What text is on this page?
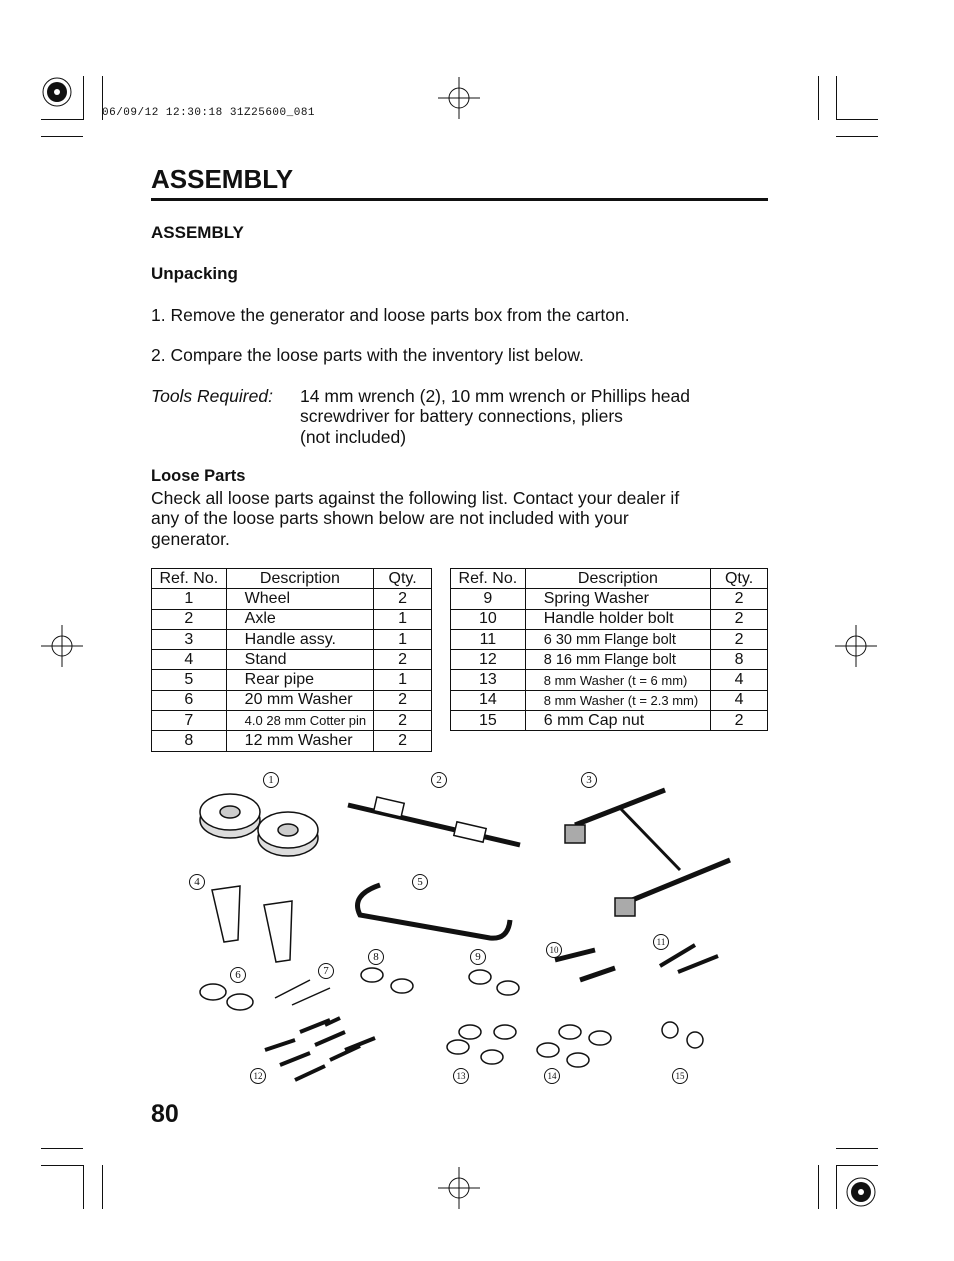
06/09/12 12:30:18 31Z25600_081
ASSEMBLY
ASSEMBLY
Unpacking
1. Remove the generator and loose parts box from the carton.
2. Compare the loose parts with the inventory list below.
Tools Required: 14 mm wrench (2), 10 mm wrench or Phillips head
screwdriver for battery connections, pliers
(not included)
Loose Parts
Check all loose parts against the following list. Contact your dealer if
any of the loose parts shown below are not included with your
generator.
Ref. No.	Description	Qty.
1	Wheel	2
2	Axle	1
3	Handle assy.	1
4	Stand	2
5	Rear pipe	1
6	20 mm Washer	2
7	4.0 28 mm Cotter pin	2
8	12 mm Washer	2
Ref. No.	Description	Qty.
9	Spring Washer	2
10	Handle holder bolt	2
11	6 30 mm Flange bolt	2
12	8 16 mm Flange bolt	8
13	8 mm Washer (t = 6 mm)	4
14	8 mm Washer (t = 2.3 mm)	4
15	6 mm Cap nut	2
1	2	3
4	5
6	7
8	9
10
11
12	13	14	15
80
